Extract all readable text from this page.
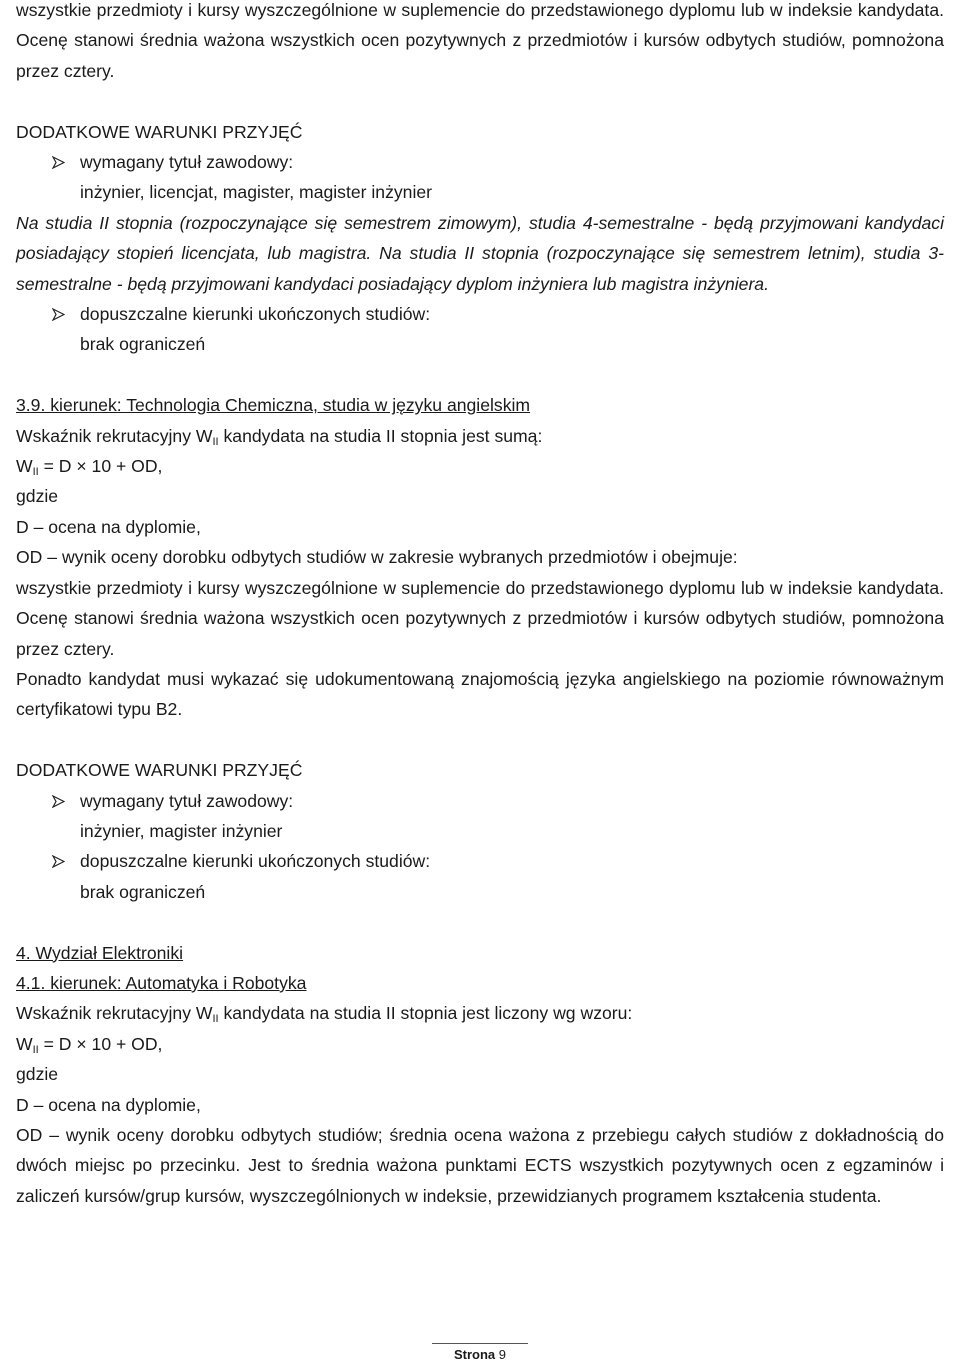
wszystkie przedmioty i kursy wyszczególnione w suplemencie do przedstawionego dyplomu lub w indeksie kandydata. Ocenę stanowi średnia ważona wszystkich ocen pozytywnych z przedmiotów i kursów odbytych studiów, pomnożona przez cztery.
DODATKOWE WARUNKI PRZYJĘĆ
wymagany tytuł zawodowy:
inżynier, licencjat, magister, magister inżynier
Na studia II stopnia (rozpoczynające się semestrem zimowym), studia 4-semestralne - będą przyjmowani kandydaci posiadający stopień licencjata, lub magistra. Na studia II stopnia (rozpoczynające się semestrem letnim), studia 3-semestralne - będą przyjmowani kandydaci posiadający dyplom inżyniera lub magistra inżyniera.
dopuszczalne kierunki ukończonych studiów:
brak ograniczeń
3.9. kierunek: Technologia Chemiczna, studia w języku angielskim
Wskaźnik rekrutacyjny $W_{II}$ kandydata na studia II stopnia jest sumą:
$W_{II} = D \times 10$ + OD,
gdzie
D – ocena na dyplomie,
OD – wynik oceny dorobku odbytych studiów w zakresie wybranych przedmiotów i obejmuje:
wszystkie przedmioty i kursy wyszczególnione w suplemencie do przedstawionego dyplomu lub w indeksie kandydata. Ocenę stanowi średnia ważona wszystkich ocen pozytywnych z przedmiotów i kursów odbytych studiów, pomnożona przez cztery.
Ponadto kandydat musi wykazać się udokumentowaną znajomością języka angielskiego na poziomie równoważnym certyfikatowi typu B2.
DODATKOWE WARUNKI PRZYJĘĆ
wymagany tytuł zawodowy:
inżynier, magister inżynier
dopuszczalne kierunki ukończonych studiów:
brak ograniczeń
4. Wydział Elektroniki
4.1. kierunek: Automatyka i Robotyka
Wskaźnik rekrutacyjny $W_{II}$ kandydata na studia II stopnia jest liczony wg wzoru:
$W_{II} = D \times 10$ + OD,
gdzie
D – ocena na dyplomie,
OD – wynik oceny dorobku odbytych studiów; średnia ocena ważona z przebiegu całych studiów z dokładnością do dwóch miejsc po przecinku. Jest to średnia ważona punktami ECTS wszystkich pozytywnych ocen z egzaminów i zaliczeń kursów/grup kursów, wyszczególnionych w indeksie, przewidzianych programem kształcenia studenta.
Strona 9
